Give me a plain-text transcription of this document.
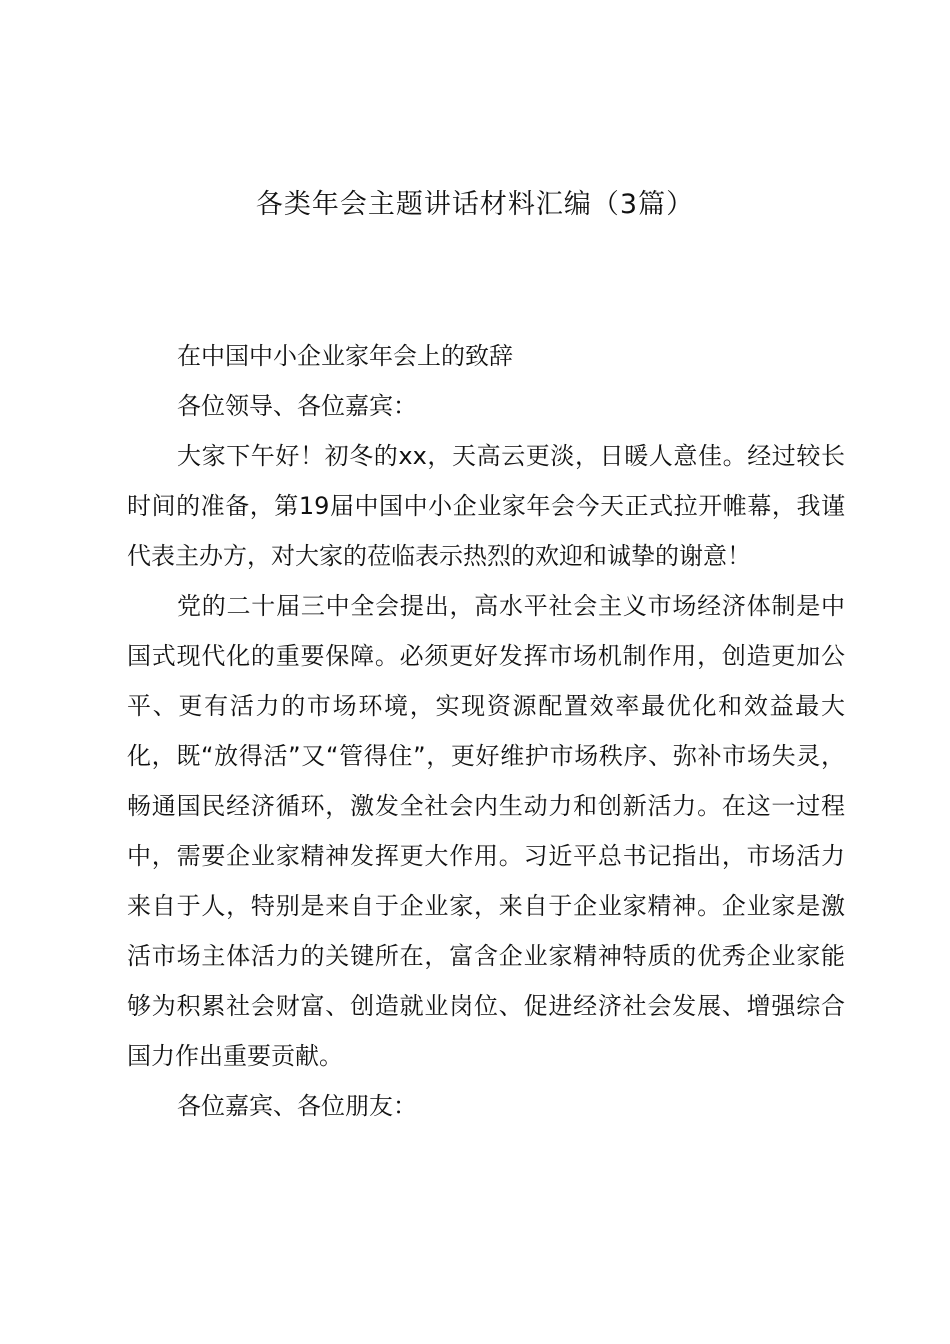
各类年会主题讲话材料汇编（3篇）

在中国中小企业家年会上的致辞

各位领导、各位嘉宾：

大家下午好！初冬的xx，天高云更淡，日暖人意佳。经过较长时间的准备，第19届中国中小企业家年会今天正式拉开帷幕，我谨代表主办方，对大家的莅临表示热烈的欢迎和诚挚的谢意！

党的二十届三中全会提出，高水平社会主义市场经济体制是中国式现代化的重要保障。必须更好发挥市场机制作用，创造更加公平、更有活力的市场环境，实现资源配置效率最优化和效益最大化，既“放得活”又“管得住”，更好维护市场秩序、弥补市场失灵，畅通国民经济循环，激发全社会内生动力和创新活力。在这一过程中，需要企业家精神发挥更大作用。习近平总书记指出，市场活力来自于人，特别是来自于企业家，来自于企业家精神。企业家是激活市场主体活力的关键所在，富含企业家精神特质的优秀企业家能够为积累社会财富、创造就业岗位、促进经济社会发展、增强综合国力作出重要贡献。

各位嘉宾、各位朋友：
